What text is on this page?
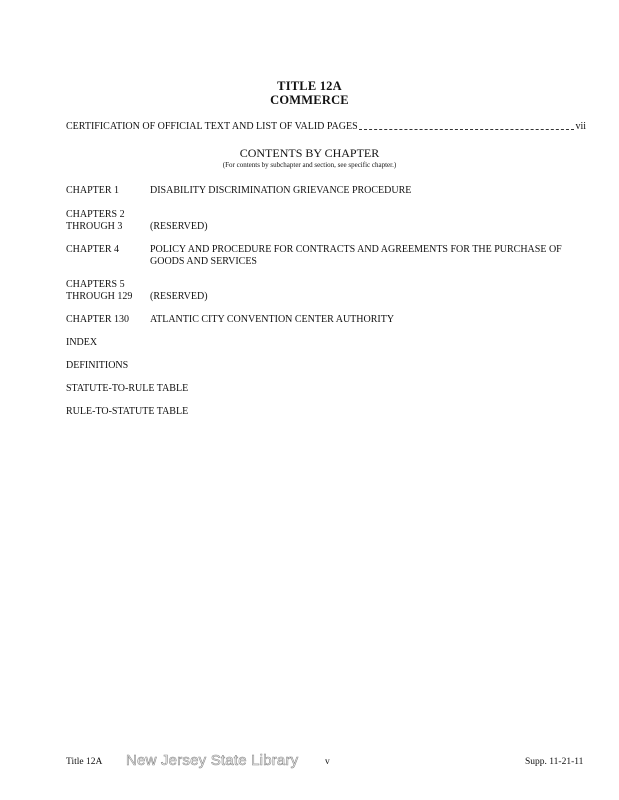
TITLE 12A
COMMERCE
CERTIFICATION OF OFFICIAL TEXT AND LIST OF VALID PAGES	vii
CONTENTS BY CHAPTER
(For contents by subchapter and section, see specific chapter.)
CHAPTER 1	DISABILITY DISCRIMINATION GRIEVANCE PROCEDURE
CHAPTERS 2
THROUGH 3	(RESERVED)
CHAPTER 4	POLICY AND PROCEDURE FOR CONTRACTS AND AGREEMENTS FOR THE PURCHASE OF
GOODS AND SERVICES
CHAPTERS 5
THROUGH 129	(RESERVED)
CHAPTER 130	ATLANTIC CITY CONVENTION CENTER AUTHORITY
INDEX
DEFINITIONS
STATUTE-TO-RULE TABLE
RULE-TO-STATUTE TABLE
Title 12A New Jersey State Library	v	Supp. 11-21-11
